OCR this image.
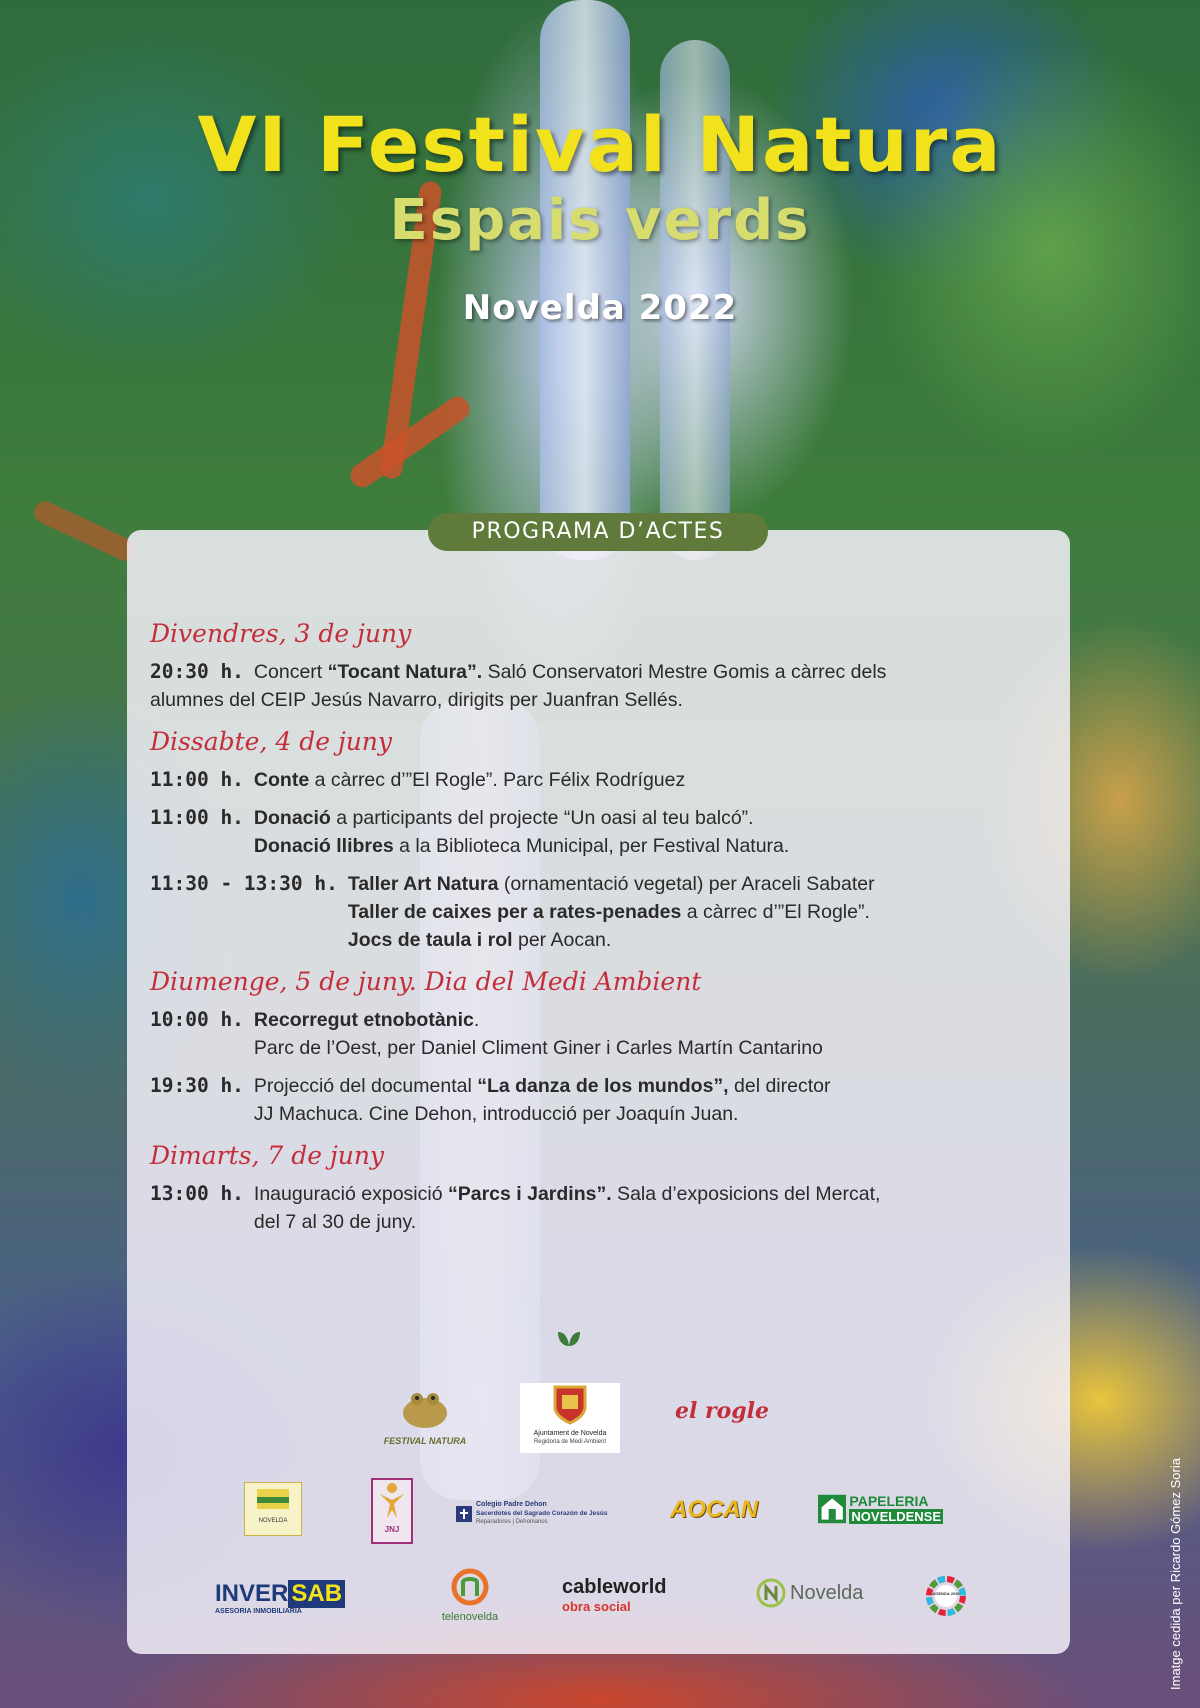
VI Festival Natura
Espais verds
Novelda 2022
PROGRAMA D’ACTES
Divendres, 3 de juny
20:30 h. Concert “Tocant Natura”. Saló Conservatori Mestre Gomis a càrrec dels

alumnes del CEIP Jesús Navarro, dirigits per Juanfran Sellés.

Dissabte, 4 de juny
11:00 h. Conte a càrrec d’”El Rogle”. Parc Félix Rodríguez

11:00 h. Donació a participants del projecte “Un oasi al teu balcó”.

Donació llibres a la Biblioteca Municipal, per Festival Natura.

11:30 - 13:30 h. Taller Art Natura (ornamentació vegetal) per Araceli Sabater

Taller de caixes per a rates-penades a càrrec d’”El Rogle”.

Jocs de taula i rol per Aocan.

Diumenge, 5 de juny. Dia del Medi Ambient
10:00 h. Recorregut etnobotànic.

Parc de l’Oest, per Daniel Climent Giner i Carles Martín Cantarino

19:30 h. Projecció del documental “La danza de los mundos”, del director

JJ Machuca. Cine Dehon, introducció per Joaquín Juan.

Dimarts, 7 de juny
13:00 h. Inauguració exposició “Parcs i Jardins”. Sala d’exposicions del Mercat,

del 7 al 30 de juny.

FESTIVAL NATURA
Ajuntament de Novelda
Regidoria de Medi Ambient
el rogle
NOVELDA
JNJ
Colegio Padre Dehon
Sacerdotes del Sagrado Corazón de Jesús
Reparadores | Dehonianos	AOCAN	PAPELERIA
NOVELDENSE
INVER SAB
ASESORIA INMOBILIARIA	telenovelda
cableworld
obra social
Novelda	AGENDA 2030	Imatge cedida per Ricardo Gómez Soria
